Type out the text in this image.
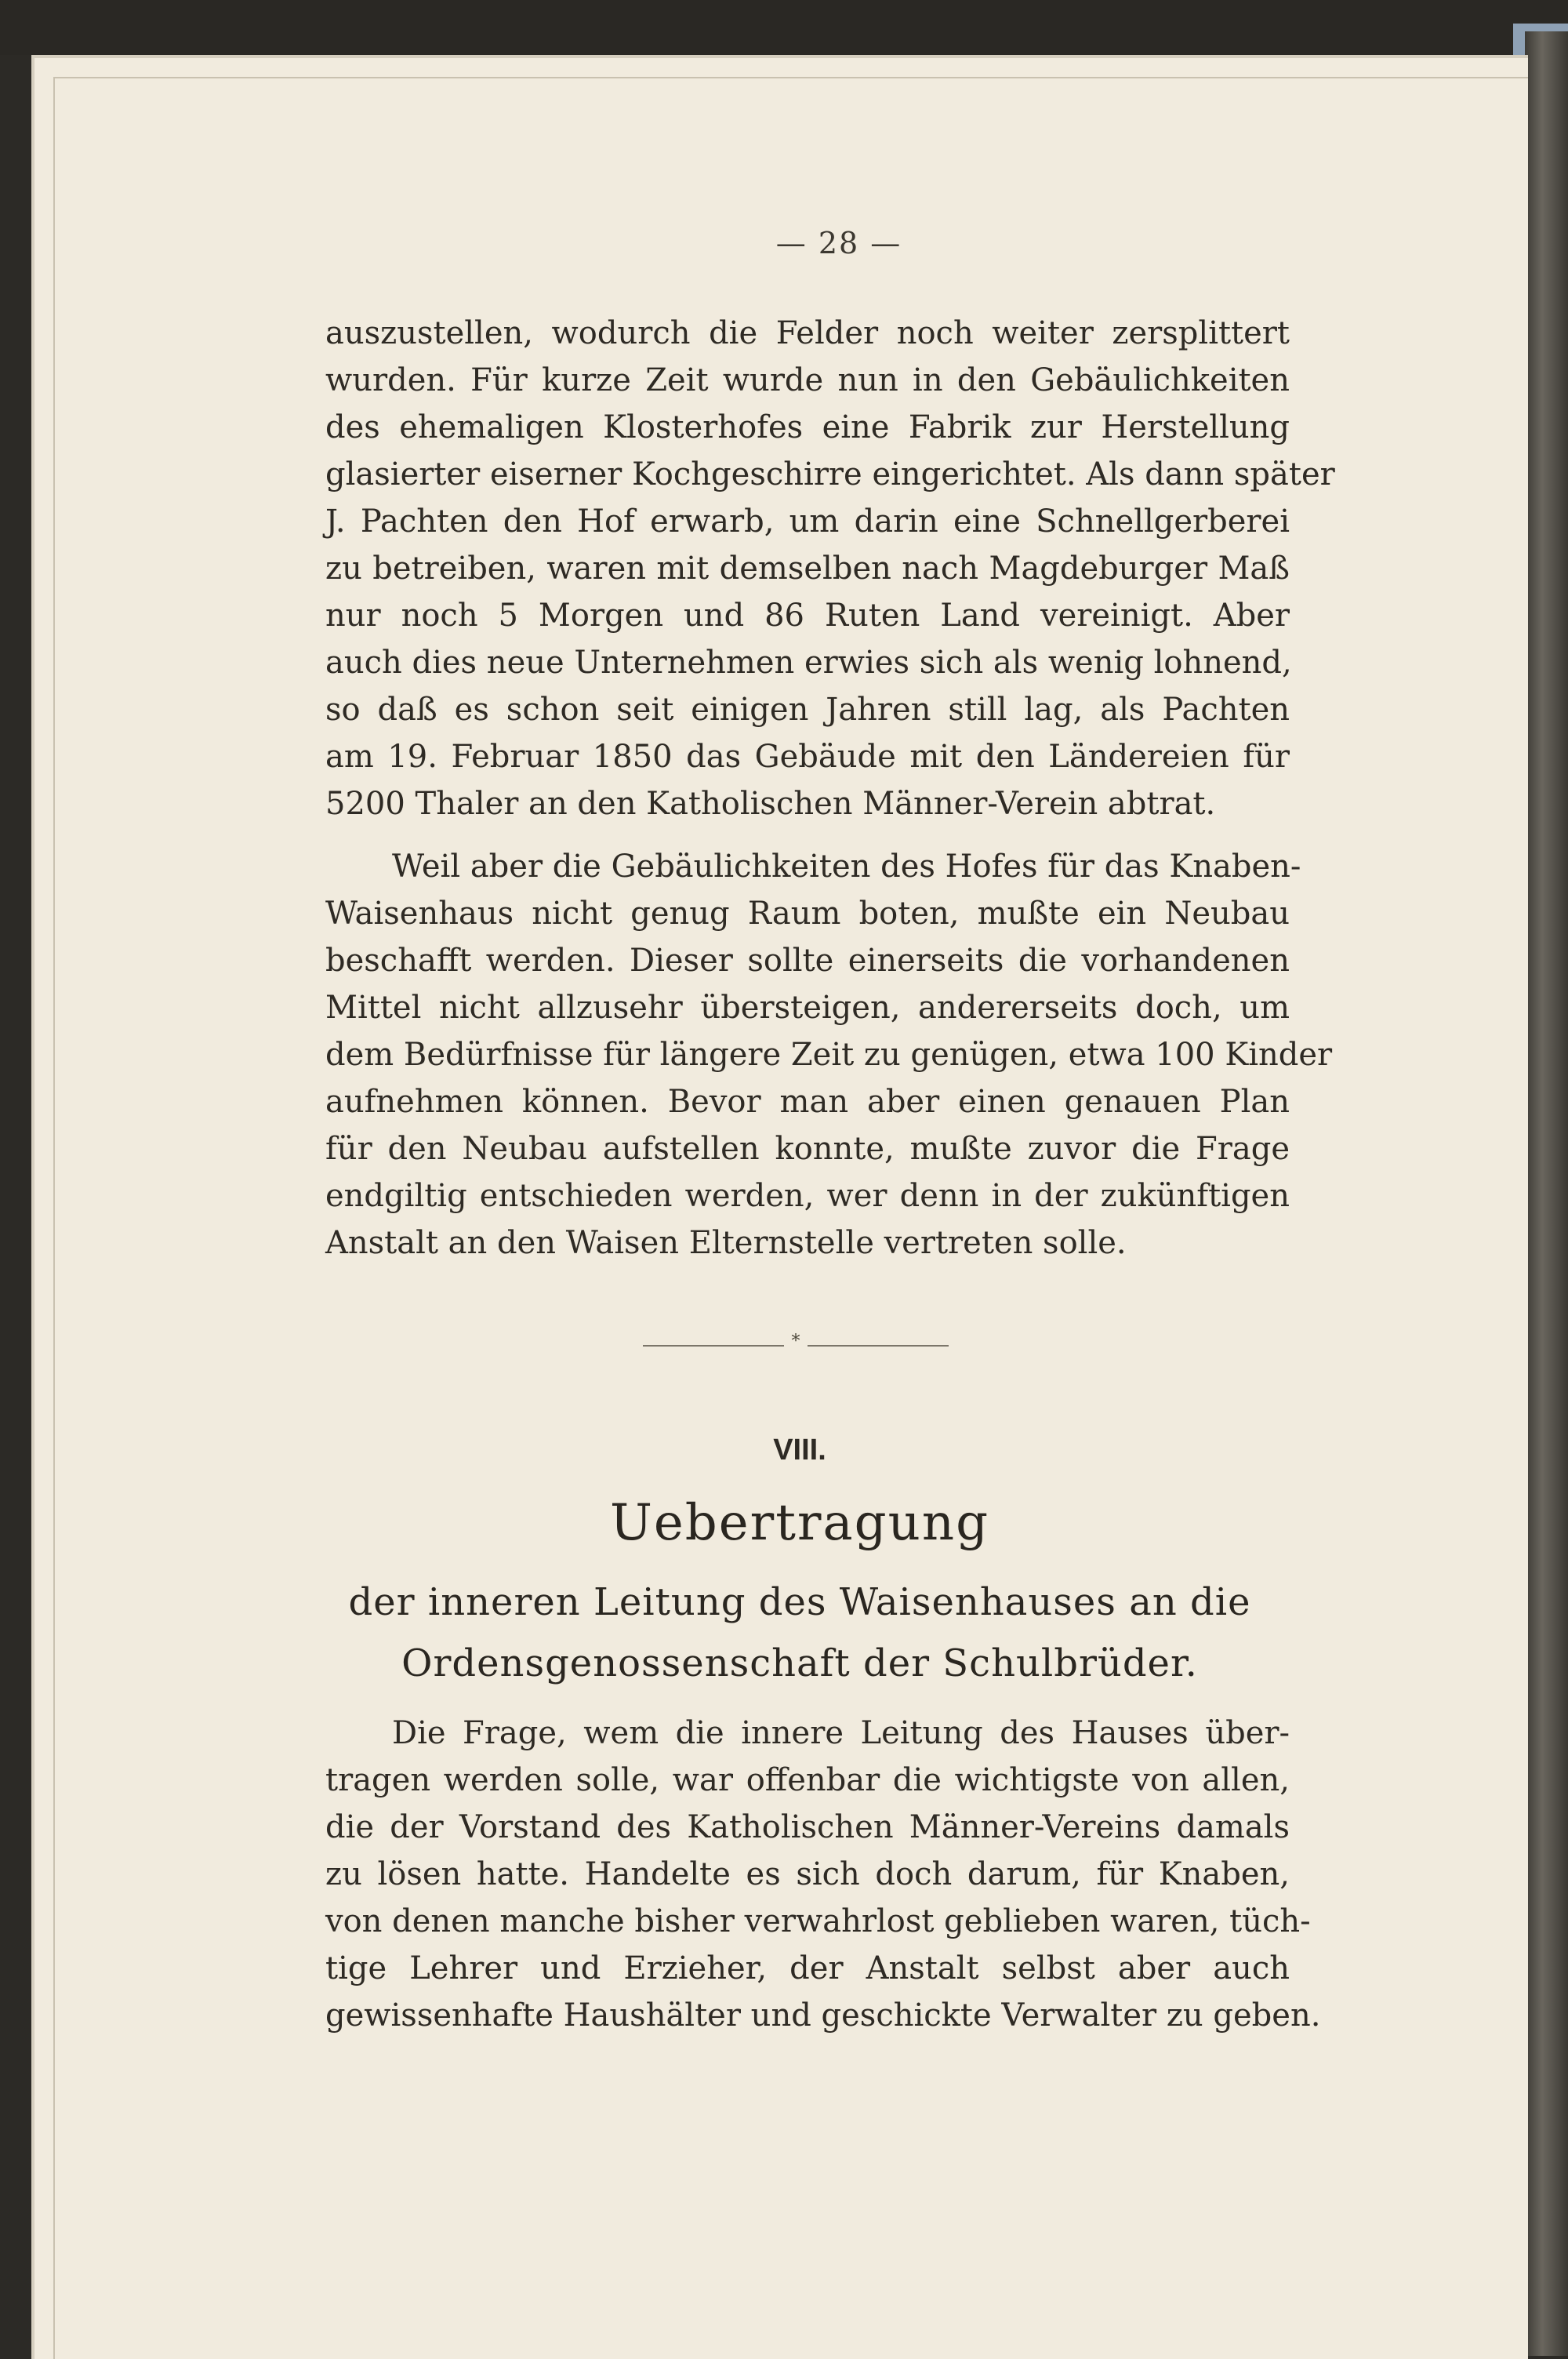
— 28 —
auszustellen, wodurch die Felder noch weiter zersplittert
wurden. Für kurze Zeit wurde nun in den Gebäulichkeiten
des ehemaligen Klosterhofes eine Fabrik zur Herstellung
glasierter eiserner Kochgeschirre eingerichtet. Als dann später
J. Pachten den Hof erwarb, um darin eine Schnellgerberei
zu betreiben, waren mit demselben nach Magdeburger Maß
nur noch 5 Morgen und 86 Ruten Land vereinigt. Aber
auch dies neue Unternehmen erwies sich als wenig lohnend,
so daß es schon seit einigen Jahren still lag, als Pachten
am 19. Februar 1850 das Gebäude mit den Ländereien für
5200 Thaler an den Katholischen Männer-Verein abtrat.
Weil aber die Gebäulichkeiten des Hofes für das Knaben-
Waisenhaus nicht genug Raum boten, mußte ein Neubau
beschafft werden. Dieser sollte einerseits die vorhandenen
Mittel nicht allzusehr übersteigen, andererseits doch, um
dem Bedürfnisse für längere Zeit zu genügen, etwa 100 Kinder
aufnehmen können. Bevor man aber einen genauen Plan
für den Neubau aufstellen konnte, mußte zuvor die Frage
endgiltig entschieden werden, wer denn in der zukünftigen
Anstalt an den Waisen Elternstelle vertreten solle.
*
VIII.
Uebertragung
der inneren Leitung des Waisenhauses an die
Ordensgenossenschaft der Schulbrüder.
Die Frage, wem die innere Leitung des Hauses über-
tragen werden solle, war offenbar die wichtigste von allen,
die der Vorstand des Katholischen Männer-Vereins damals
zu lösen hatte. Handelte es sich doch darum, für Knaben,
von denen manche bisher verwahrlost geblieben waren, tüch-
tige Lehrer und Erzieher, der Anstalt selbst aber auch
gewissenhafte Haushälter und geschickte Verwalter zu geben.
